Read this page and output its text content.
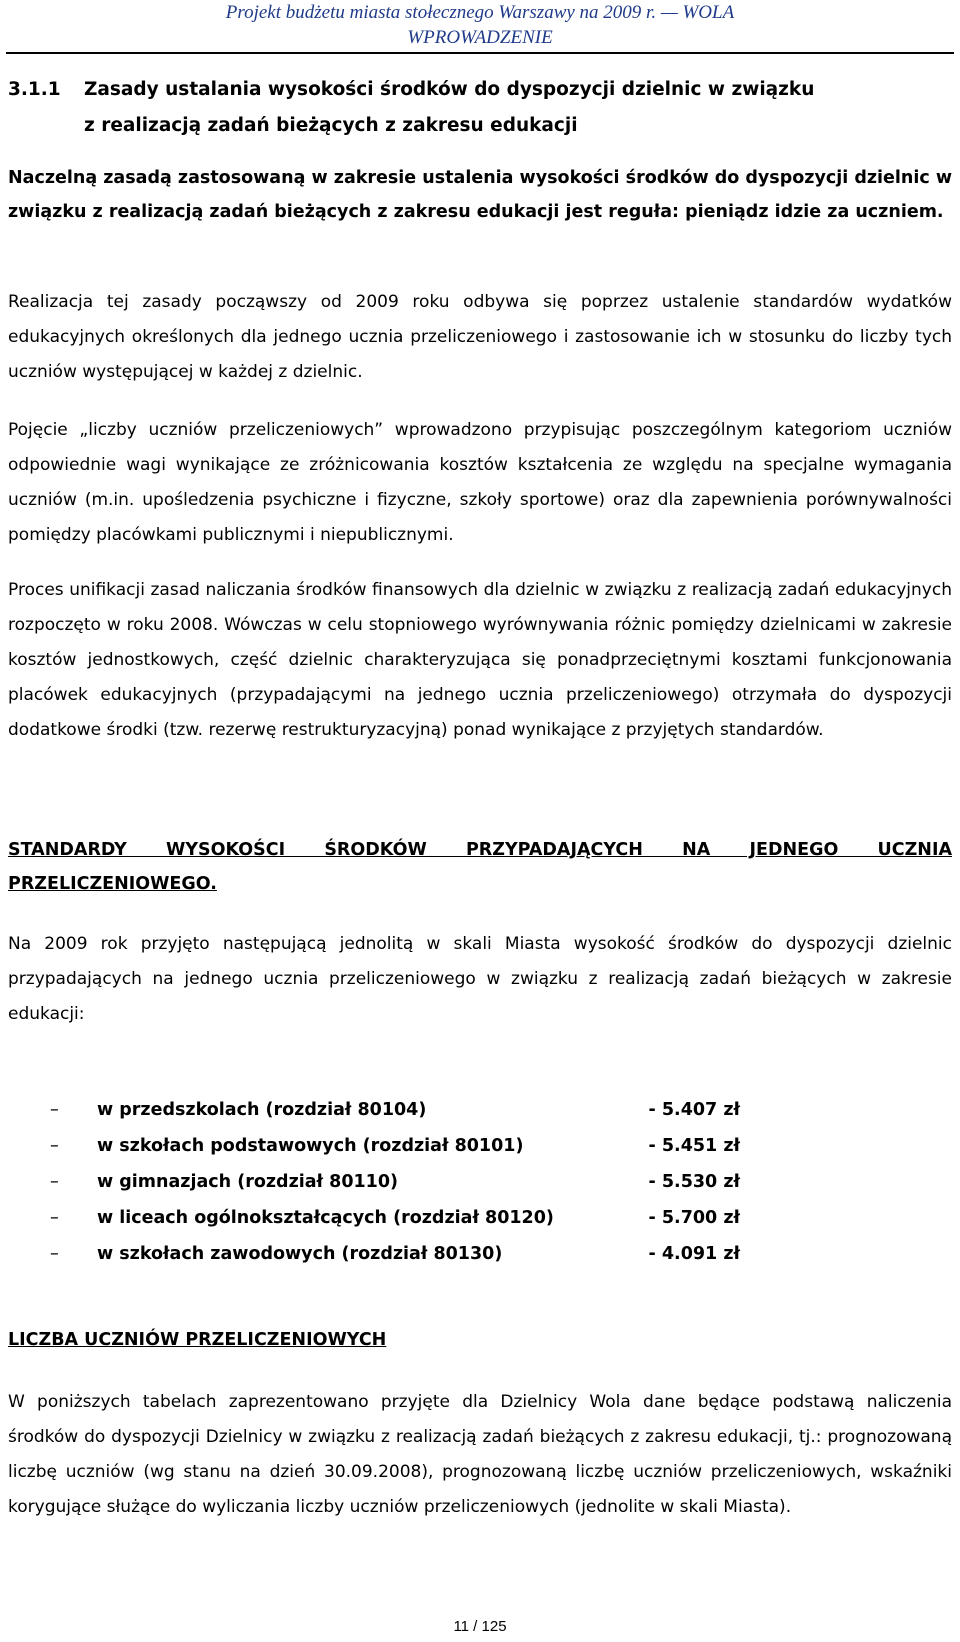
Projekt budżetu miasta stołecznego Warszawy na 2009 r. — WOLA
WPROWADZENIE
3.1.1 Zasady ustalania wysokości środków do dyspozycji dzielnic w związku
z realizacją zadań bieżących z zakresu edukacji
Naczelną zasadą zastosowaną w zakresie ustalenia wysokości środków do dyspozycji dzielnic w związku z realizacją zadań bieżących z zakresu edukacji jest reguła: pieniądz idzie za uczniem.
Realizacja tej zasady począwszy od 2009 roku odbywa się poprzez ustalenie standardów wydatków edukacyjnych określonych dla jednego ucznia przeliczeniowego i zastosowanie ich w stosunku do liczby tych uczniów występującej w każdej z dzielnic.
Pojęcie „liczby uczniów przeliczeniowych” wprowadzono przypisując poszczególnym kategoriom uczniów odpowiednie wagi wynikające ze zróżnicowania kosztów kształcenia ze względu na specjalne wymagania uczniów (m.in. upośledzenia psychiczne i fizyczne, szkoły sportowe) oraz dla zapewnienia porównywalności pomiędzy placówkami publicznymi i niepublicznymi.
Proces unifikacji zasad naliczania środków finansowych dla dzielnic w związku z realizacją zadań edukacyjnych rozpoczęto w roku 2008. Wówczas w celu stopniowego wyrównywania różnic pomiędzy dzielnicami w zakresie kosztów jednostkowych, część dzielnic charakteryzująca się ponadprzeciętnymi kosztami funkcjonowania placówek edukacyjnych (przypadającymi na jednego ucznia przeliczeniowego) otrzymała do dyspozycji dodatkowe środki (tzw. rezerwę restrukturyzacyjną) ponad wynikające z przyjętych standardów.
STANDARDY WYSOKOŚCI ŚRODKÓW PRZYPADAJĄCYCH NA JEDNEGO UCZNIA
PRZELICZENIOWEGO.
Na 2009 rok przyjęto następującą jednolitą w skali Miasta wysokość środków do dyspozycji dzielnic przypadających na jednego ucznia przeliczeniowego w związku z realizacją zadań bieżących w zakresie edukacji:
– w przedszkolach (rozdział 80104)	- 5.407 zł
– w szkołach podstawowych (rozdział 80101)	- 5.451 zł
– w gimnazjach (rozdział 80110)	- 5.530 zł
– w liceach ogólnokształcących (rozdział 80120)	- 5.700 zł
– w szkołach zawodowych (rozdział 80130)	- 4.091 zł
LICZBA UCZNIÓW PRZELICZENIOWYCH
W poniższych tabelach zaprezentowano przyjęte dla Dzielnicy Wola dane będące podstawą naliczenia środków do dyspozycji Dzielnicy w związku z realizacją zadań bieżących z zakresu edukacji, tj.: prognozowaną liczbę uczniów (wg stanu na dzień 30.09.2008), prognozowaną liczbę uczniów przeliczeniowych, wskaźniki korygujące służące do wyliczania liczby uczniów przeliczeniowych (jednolite w skali Miasta).
11 / 125
